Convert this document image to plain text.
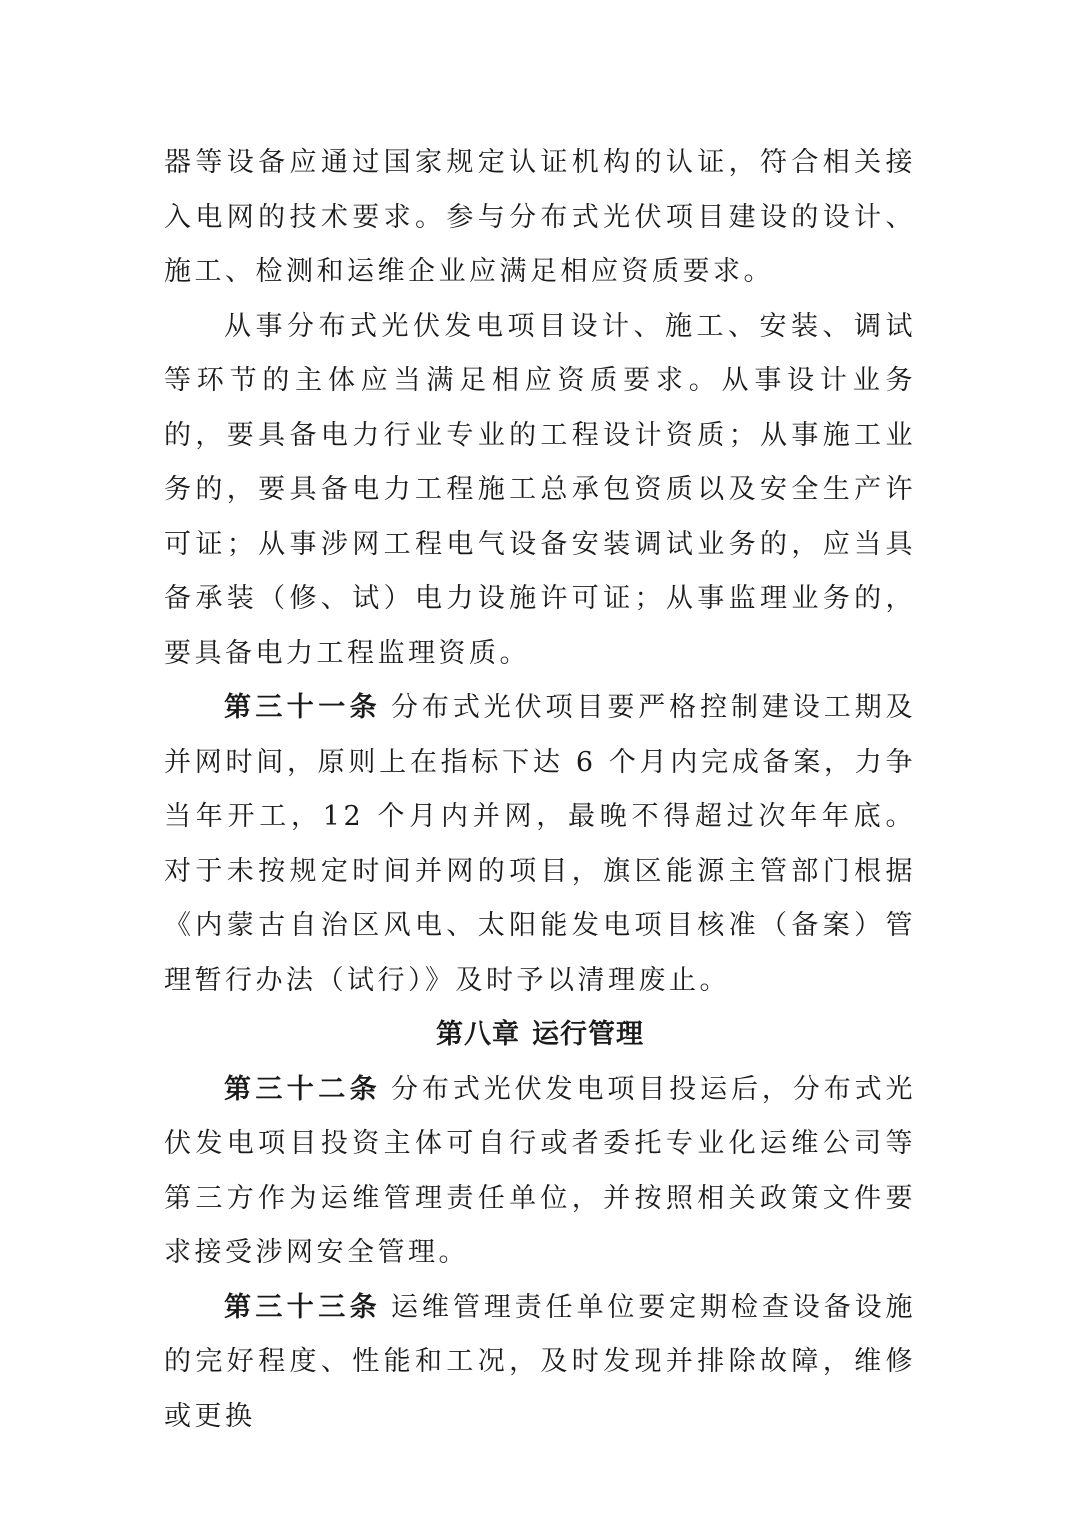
器等设备应通过国家规定认证机构的认证，符合相关接入电网的技术要求。参与分布式光伏项目建设的设计、施工、检测和运维企业应满足相应资质要求。

从事分布式光伏发电项目设计、施工、安装、调试等环节的主体应当满足相应资质要求。从事设计业务的，要具备电力行业专业的工程设计资质；从事施工业务的，要具备电力工程施工总承包资质以及安全生产许可证；从事涉网工程电气设备安装调试业务的，应当具备承装（修、试）电力设施许可证；从事监理业务的，要具备电力工程监理资质。

第三十一条 分布式光伏项目要严格控制建设工期及并网时间，原则上在指标下达 6 个月内完成备案，力争当年开工，12 个月内并网，最晚不得超过次年年底。对于未按规定时间并网的项目，旗区能源主管部门根据《内蒙古自治区风电、太阳能发电项目核准（备案）管理暂行办法（试行）》及时予以清理废止。

第八章 运行管理

第三十二条 分布式光伏发电项目投运后，分布式光伏发电项目投资主体可自行或者委托专业化运维公司等第三方作为运维管理责任单位，并按照相关政策文件要求接受涉网安全管理。

第三十三条 运维管理责任单位要定期检查设备设施的完好程度、性能和工况，及时发现并排除故障，维修或更换
